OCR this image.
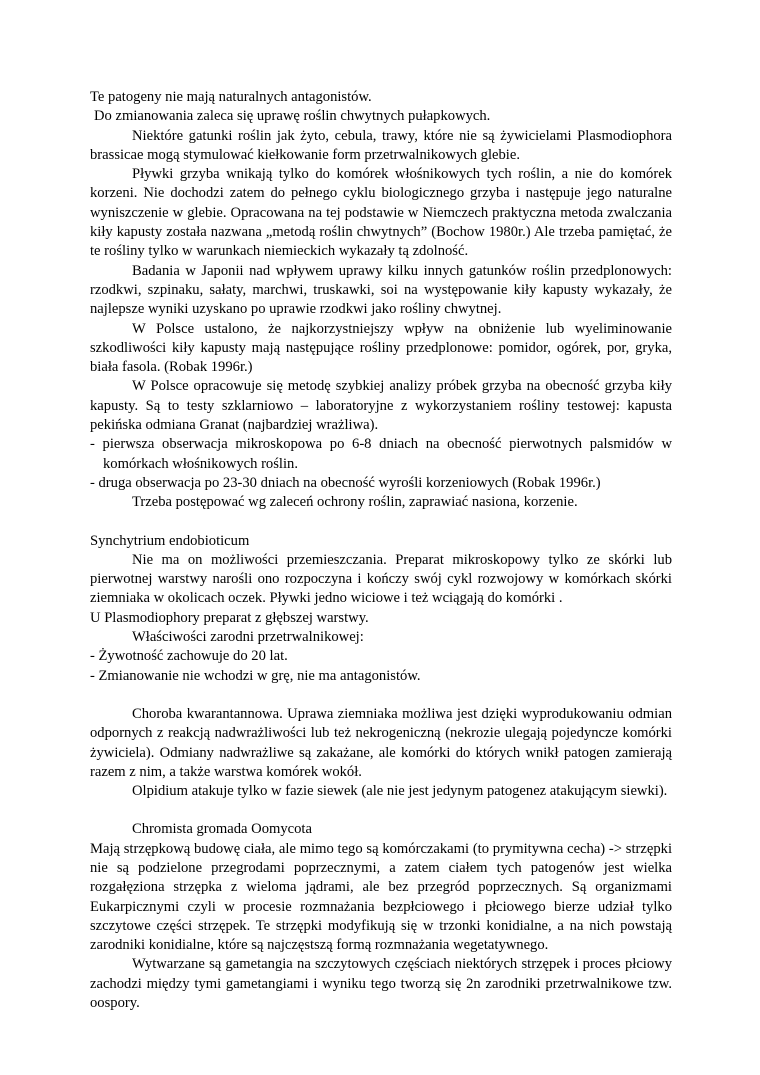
Te patogeny nie mają naturalnych antagonistów.

Do zmianowania zaleca się uprawę roślin chwytnych pułapkowych.

Niektóre gatunki roślin jak żyto, cebula, trawy, które nie są żywicielami Plasmodiophora brassicae mogą stymulować kiełkowanie form przetrwalnikowych glebie.

Pływki grzyba wnikają tylko do komórek włośnikowych tych roślin, a nie do komórek korzeni. Nie dochodzi zatem do pełnego cyklu biologicznego grzyba i następuje jego naturalne wyniszczenie w glebie. Opracowana na tej podstawie w Niemczech praktyczna metoda zwalczania kiły kapusty została nazwana „metodą roślin chwytnych” (Bochow 1980r.) Ale trzeba pamiętać, że te rośliny tylko w warunkach niemieckich wykazały tą zdolność.

Badania w Japonii nad wpływem uprawy kilku innych gatunków roślin przedplonowych: rzodkwi, szpinaku, sałaty, marchwi, truskawki, soi na występowanie kiły kapusty wykazały, że najlepsze wyniki uzyskano po uprawie rzodkwi jako rośliny chwytnej.

W Polsce ustalono, że najkorzystniejszy wpływ na obniżenie lub wyeliminowanie szkodliwości kiły kapusty mają następujące rośliny przedplonowe: pomidor, ogórek, por, gryka, biała fasola. (Robak 1996r.)

W Polsce opracowuje się metodę szybkiej analizy próbek grzyba na obecność grzyba kiły kapusty. Są to testy szklarniowo – laboratoryjne z wykorzystaniem rośliny testowej: kapusta pekińska odmiana Granat (najbardziej wrażliwa).

- pierwsza obserwacja mikroskopowa po 6-8 dniach na obecność pierwotnych palsmidów w komórkach włośnikowych roślin.

- druga obserwacja po 23-30 dniach na obecność wyrośli korzeniowych (Robak 1996r.)

Trzeba postępować wg zaleceń ochrony roślin, zaprawiać nasiona, korzenie.

Synchytrium endobioticum

Nie ma on możliwości przemieszczania. Preparat mikroskopowy tylko ze skórki lub pierwotnej warstwy narośli ono rozpoczyna i kończy swój cykl rozwojowy w komórkach skórki ziemniaka w okolicach oczek. Pływki jedno wiciowe i też wciągają do komórki .

U Plasmodiophory preparat z głębszej warstwy.

Właściwości zarodni przetrwalnikowej:

- Żywotność zachowuje do 20 lat.

- Zmianowanie nie wchodzi w grę, nie ma antagonistów.

Choroba kwarantannowa. Uprawa ziemniaka możliwa jest dzięki wyprodukowaniu odmian odpornych z reakcją nadwrażliwości lub też nekrogeniczną (nekrozie ulegają pojedyncze komórki żywiciela). Odmiany nadwrażliwe są zakażane, ale komórki do których wnikł patogen zamierają razem z nim, a także warstwa komórek wokół.

Olpidium atakuje tylko w fazie siewek (ale nie jest jedynym patogenez atakującym siewki).

Chromista gromada Oomycota

Mają strzępkową budowę ciała, ale mimo tego są komórczakami (to prymitywna cecha) -> strzępki nie są podzielone przegrodami poprzecznymi, a zatem ciałem tych patogenów jest wielka rozgałęziona strzępka z wieloma jądrami, ale bez przegród poprzecznych. Są organizmami Eukarpicznymi czyli w procesie rozmnażania bezpłciowego i płciowego bierze udział tylko szczytowe części strzępek. Te strzępki modyfikują się w trzonki konidialne, a na nich powstają zarodniki konidialne, które są najczęstszą formą rozmnażania wegetatywnego.

Wytwarzane są gametangia na szczytowych częściach niektórych strzępek i proces płciowy zachodzi między tymi gametangiami i wyniku tego tworzą się 2n zarodniki przetrwalnikowe tzw. oospory.
